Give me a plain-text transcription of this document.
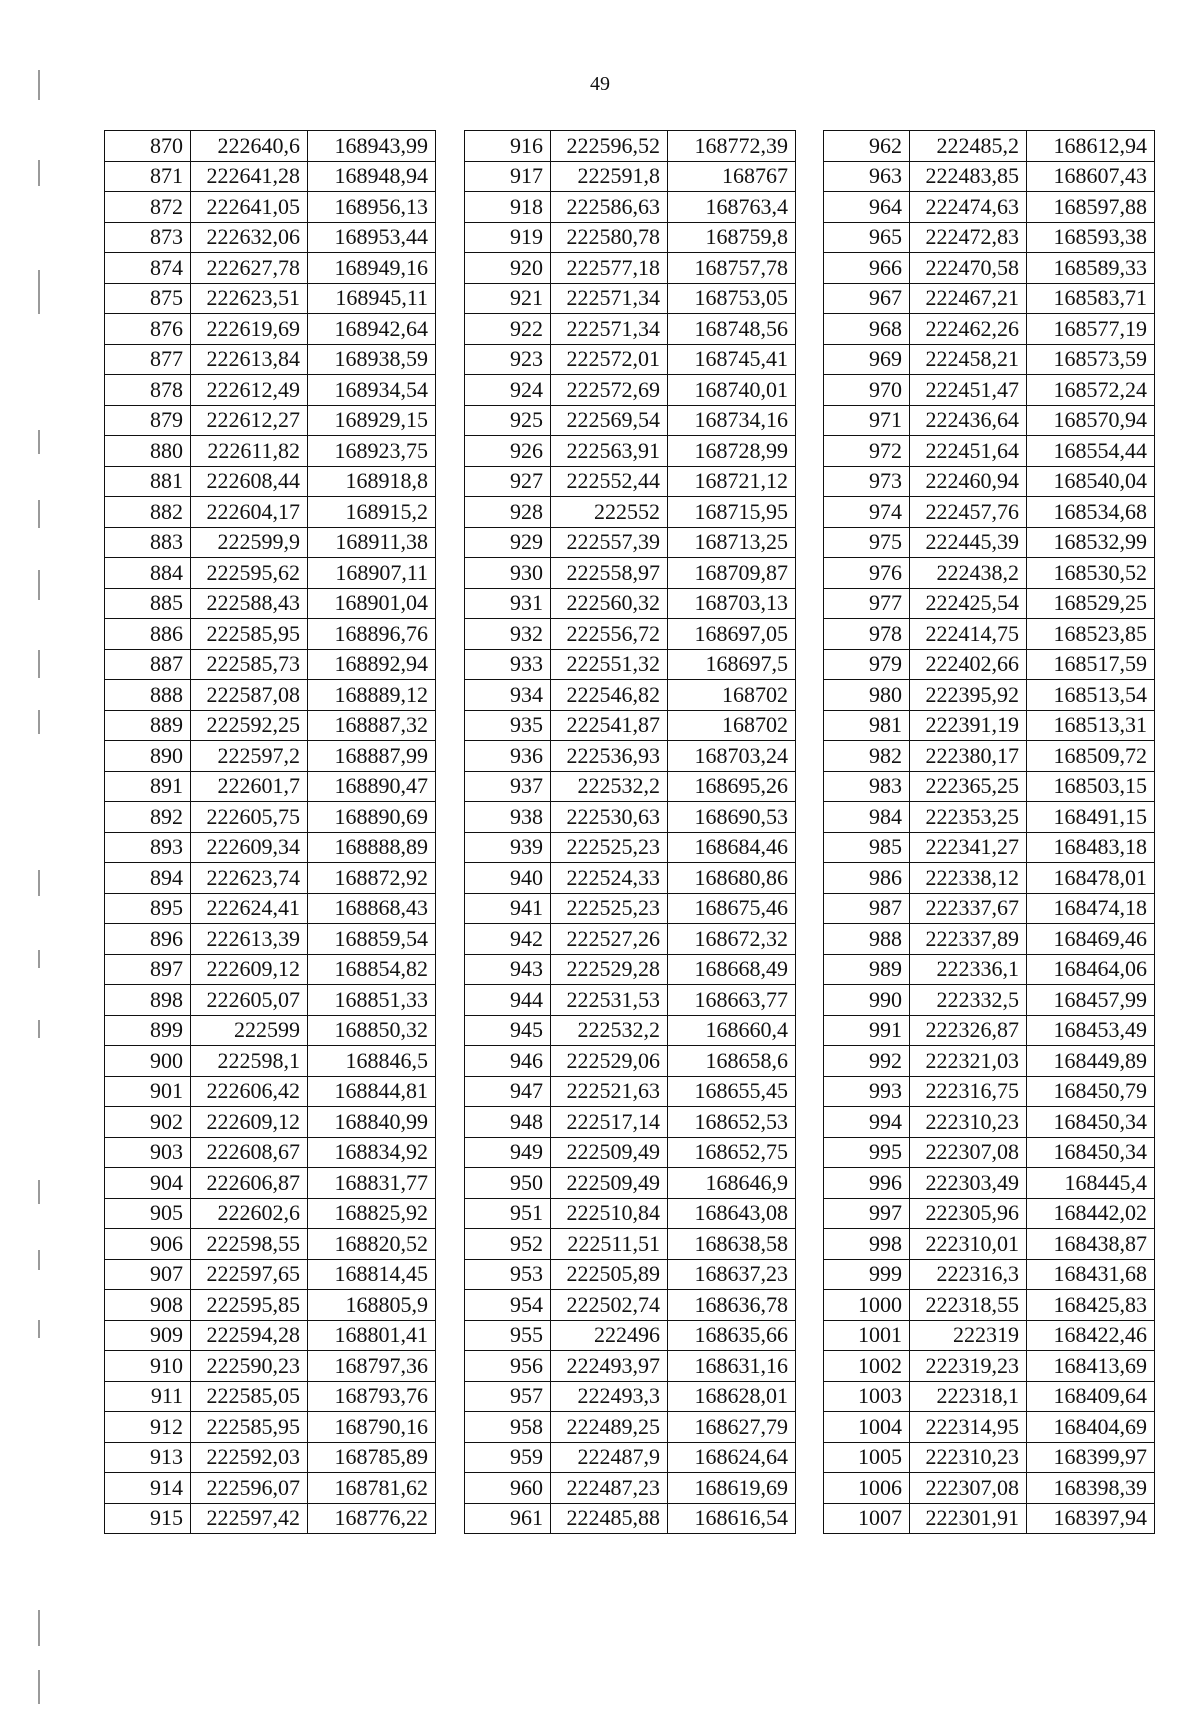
49
870	222640,6	168943,99
871	222641,28	168948,94
872	222641,05	168956,13
873	222632,06	168953,44
874	222627,78	168949,16
875	222623,51	168945,11
876	222619,69	168942,64
877	222613,84	168938,59
878	222612,49	168934,54
879	222612,27	168929,15
880	222611,82	168923,75
881	222608,44	168918,8
882	222604,17	168915,2
883	222599,9	168911,38
884	222595,62	168907,11
885	222588,43	168901,04
886	222585,95	168896,76
887	222585,73	168892,94
888	222587,08	168889,12
889	222592,25	168887,32
890	222597,2	168887,99
891	222601,7	168890,47
892	222605,75	168890,69
893	222609,34	168888,89
894	222623,74	168872,92
895	222624,41	168868,43
896	222613,39	168859,54
897	222609,12	168854,82
898	222605,07	168851,33
899	222599	168850,32
900	222598,1	168846,5
901	222606,42	168844,81
902	222609,12	168840,99
903	222608,67	168834,92
904	222606,87	168831,77
905	222602,6	168825,92
906	222598,55	168820,52
907	222597,65	168814,45
908	222595,85	168805,9
909	222594,28	168801,41
910	222590,23	168797,36
911	222585,05	168793,76
912	222585,95	168790,16
913	222592,03	168785,89
914	222596,07	168781,62
915	222597,42	168776,22
916	222596,52	168772,39
917	222591,8	168767
918	222586,63	168763,4
919	222580,78	168759,8
920	222577,18	168757,78
921	222571,34	168753,05
922	222571,34	168748,56
923	222572,01	168745,41
924	222572,69	168740,01
925	222569,54	168734,16
926	222563,91	168728,99
927	222552,44	168721,12
928	222552	168715,95
929	222557,39	168713,25
930	222558,97	168709,87
931	222560,32	168703,13
932	222556,72	168697,05
933	222551,32	168697,5
934	222546,82	168702
935	222541,87	168702
936	222536,93	168703,24
937	222532,2	168695,26
938	222530,63	168690,53
939	222525,23	168684,46
940	222524,33	168680,86
941	222525,23	168675,46
942	222527,26	168672,32
943	222529,28	168668,49
944	222531,53	168663,77
945	222532,2	168660,4
946	222529,06	168658,6
947	222521,63	168655,45
948	222517,14	168652,53
949	222509,49	168652,75
950	222509,49	168646,9
951	222510,84	168643,08
952	222511,51	168638,58
953	222505,89	168637,23
954	222502,74	168636,78
955	222496	168635,66
956	222493,97	168631,16
957	222493,3	168628,01
958	222489,25	168627,79
959	222487,9	168624,64
960	222487,23	168619,69
961	222485,88	168616,54
962	222485,2	168612,94
963	222483,85	168607,43
964	222474,63	168597,88
965	222472,83	168593,38
966	222470,58	168589,33
967	222467,21	168583,71
968	222462,26	168577,19
969	222458,21	168573,59
970	222451,47	168572,24
971	222436,64	168570,94
972	222451,64	168554,44
973	222460,94	168540,04
974	222457,76	168534,68
975	222445,39	168532,99
976	222438,2	168530,52
977	222425,54	168529,25
978	222414,75	168523,85
979	222402,66	168517,59
980	222395,92	168513,54
981	222391,19	168513,31
982	222380,17	168509,72
983	222365,25	168503,15
984	222353,25	168491,15
985	222341,27	168483,18
986	222338,12	168478,01
987	222337,67	168474,18
988	222337,89	168469,46
989	222336,1	168464,06
990	222332,5	168457,99
991	222326,87	168453,49
992	222321,03	168449,89
993	222316,75	168450,79
994	222310,23	168450,34
995	222307,08	168450,34
996	222303,49	168445,4
997	222305,96	168442,02
998	222310,01	168438,87
999	222316,3	168431,68
1000	222318,55	168425,83
1001	222319	168422,46
1002	222319,23	168413,69
1003	222318,1	168409,64
1004	222314,95	168404,69
1005	222310,23	168399,97
1006	222307,08	168398,39
1007	222301,91	168397,94
